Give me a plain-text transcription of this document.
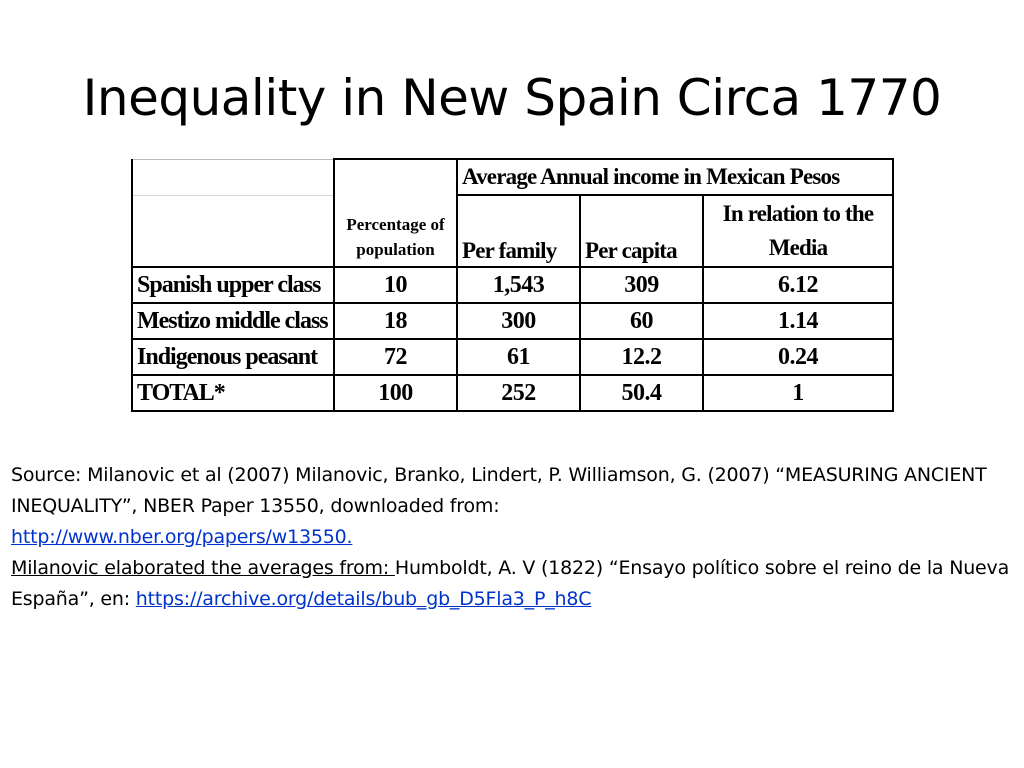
Inequality in New Spain Circa 1770
	Percentage of population	Average Annual income in Mexican Pesos		
		Per family	Per capita	In relation to the Media
Spanish upper class	10	1,543	309	6.12
Mestizo middle class	18	300	60	1.14
Indigenous peasant	72	61	12.2	0.24
TOTAL*	100	252	50.4	1
Source: Milanovic et al (2007) Milanovic, Branko, Lindert, P. Williamson, G. (2007) “MEASURING ANCIENT INEQUALITY”, NBER Paper 13550, downloaded from:
http://www.nber.org/papers/w13550.
Milanovic elaborated the averages from: Humboldt, A. V (1822) “Ensayo político sobre el reino de la Nueva España”, en: https://archive.org/details/bub_gb_D5Fla3_P_h8C
